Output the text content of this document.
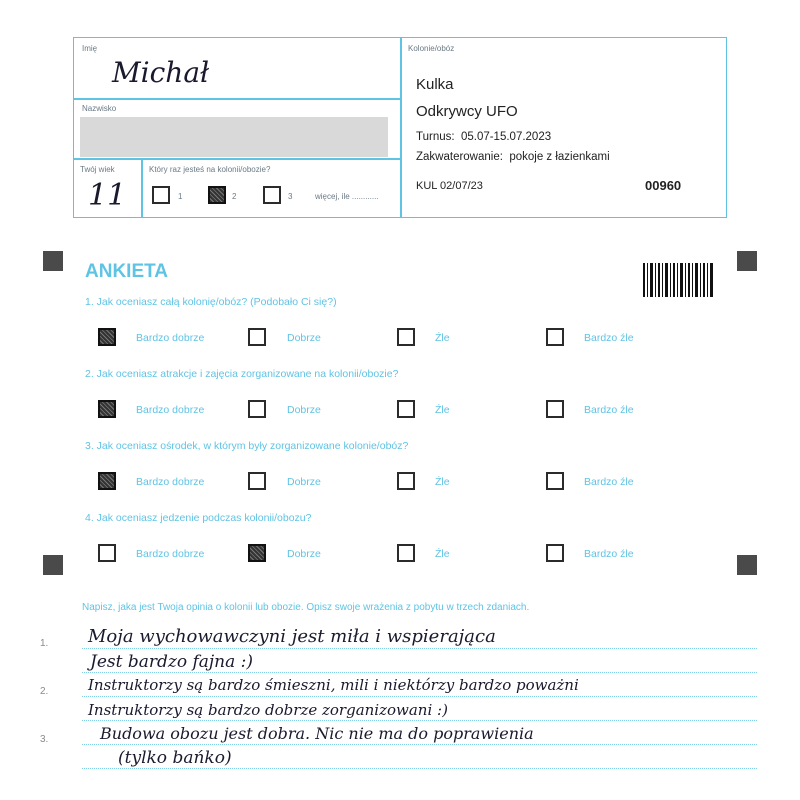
Imię
Michał
Nazwisko
Twój wiek
11
Który raz jesteś na kolonii/obozie?
1	2	3	więcej, ile ............
Kolonie/obóz
Kulka
Odkrywcy UFO
Turnus: 05.07-15.07.2023
Zakwaterowanie: pokoje z łazienkami
KUL 02/07/23	00960
ANKIETA
1. Jak oceniasz całą kolonię/obóz? (Podobało Ci się?)
2. Jak oceniasz atrakcje i zajęcia zorganizowane na kolonii/obozie?
3. Jak oceniasz ośrodek, w którym były zorganizowane kolonie/obóz?
4. Jak oceniasz jedzenie podczas kolonii/obozu?
Bardzo dobrze	Dobrze	Źle	Bardzo źle
Bardzo dobrze	Dobrze	Źle	Bardzo źle
Bardzo dobrze	Dobrze	Źle	Bardzo źle
Bardzo dobrze	Dobrze	Źle	Bardzo źle
Napisz, jaka jest Twoja opinia o kolonii lub obozie. Opisz swoje wrażenia z pobytu w trzech zdaniach.
1.
2.
3.
Moja wychowawczyni jest miła i wspierająca
Jest bardzo fajna :)
Instruktorzy są bardzo śmieszni, mili i niektórzy bardzo poważni
Instruktorzy są bardzo dobrze zorganizowani :)
Budowa obozu jest dobra. Nic nie ma do poprawienia
(tylko bańko)
